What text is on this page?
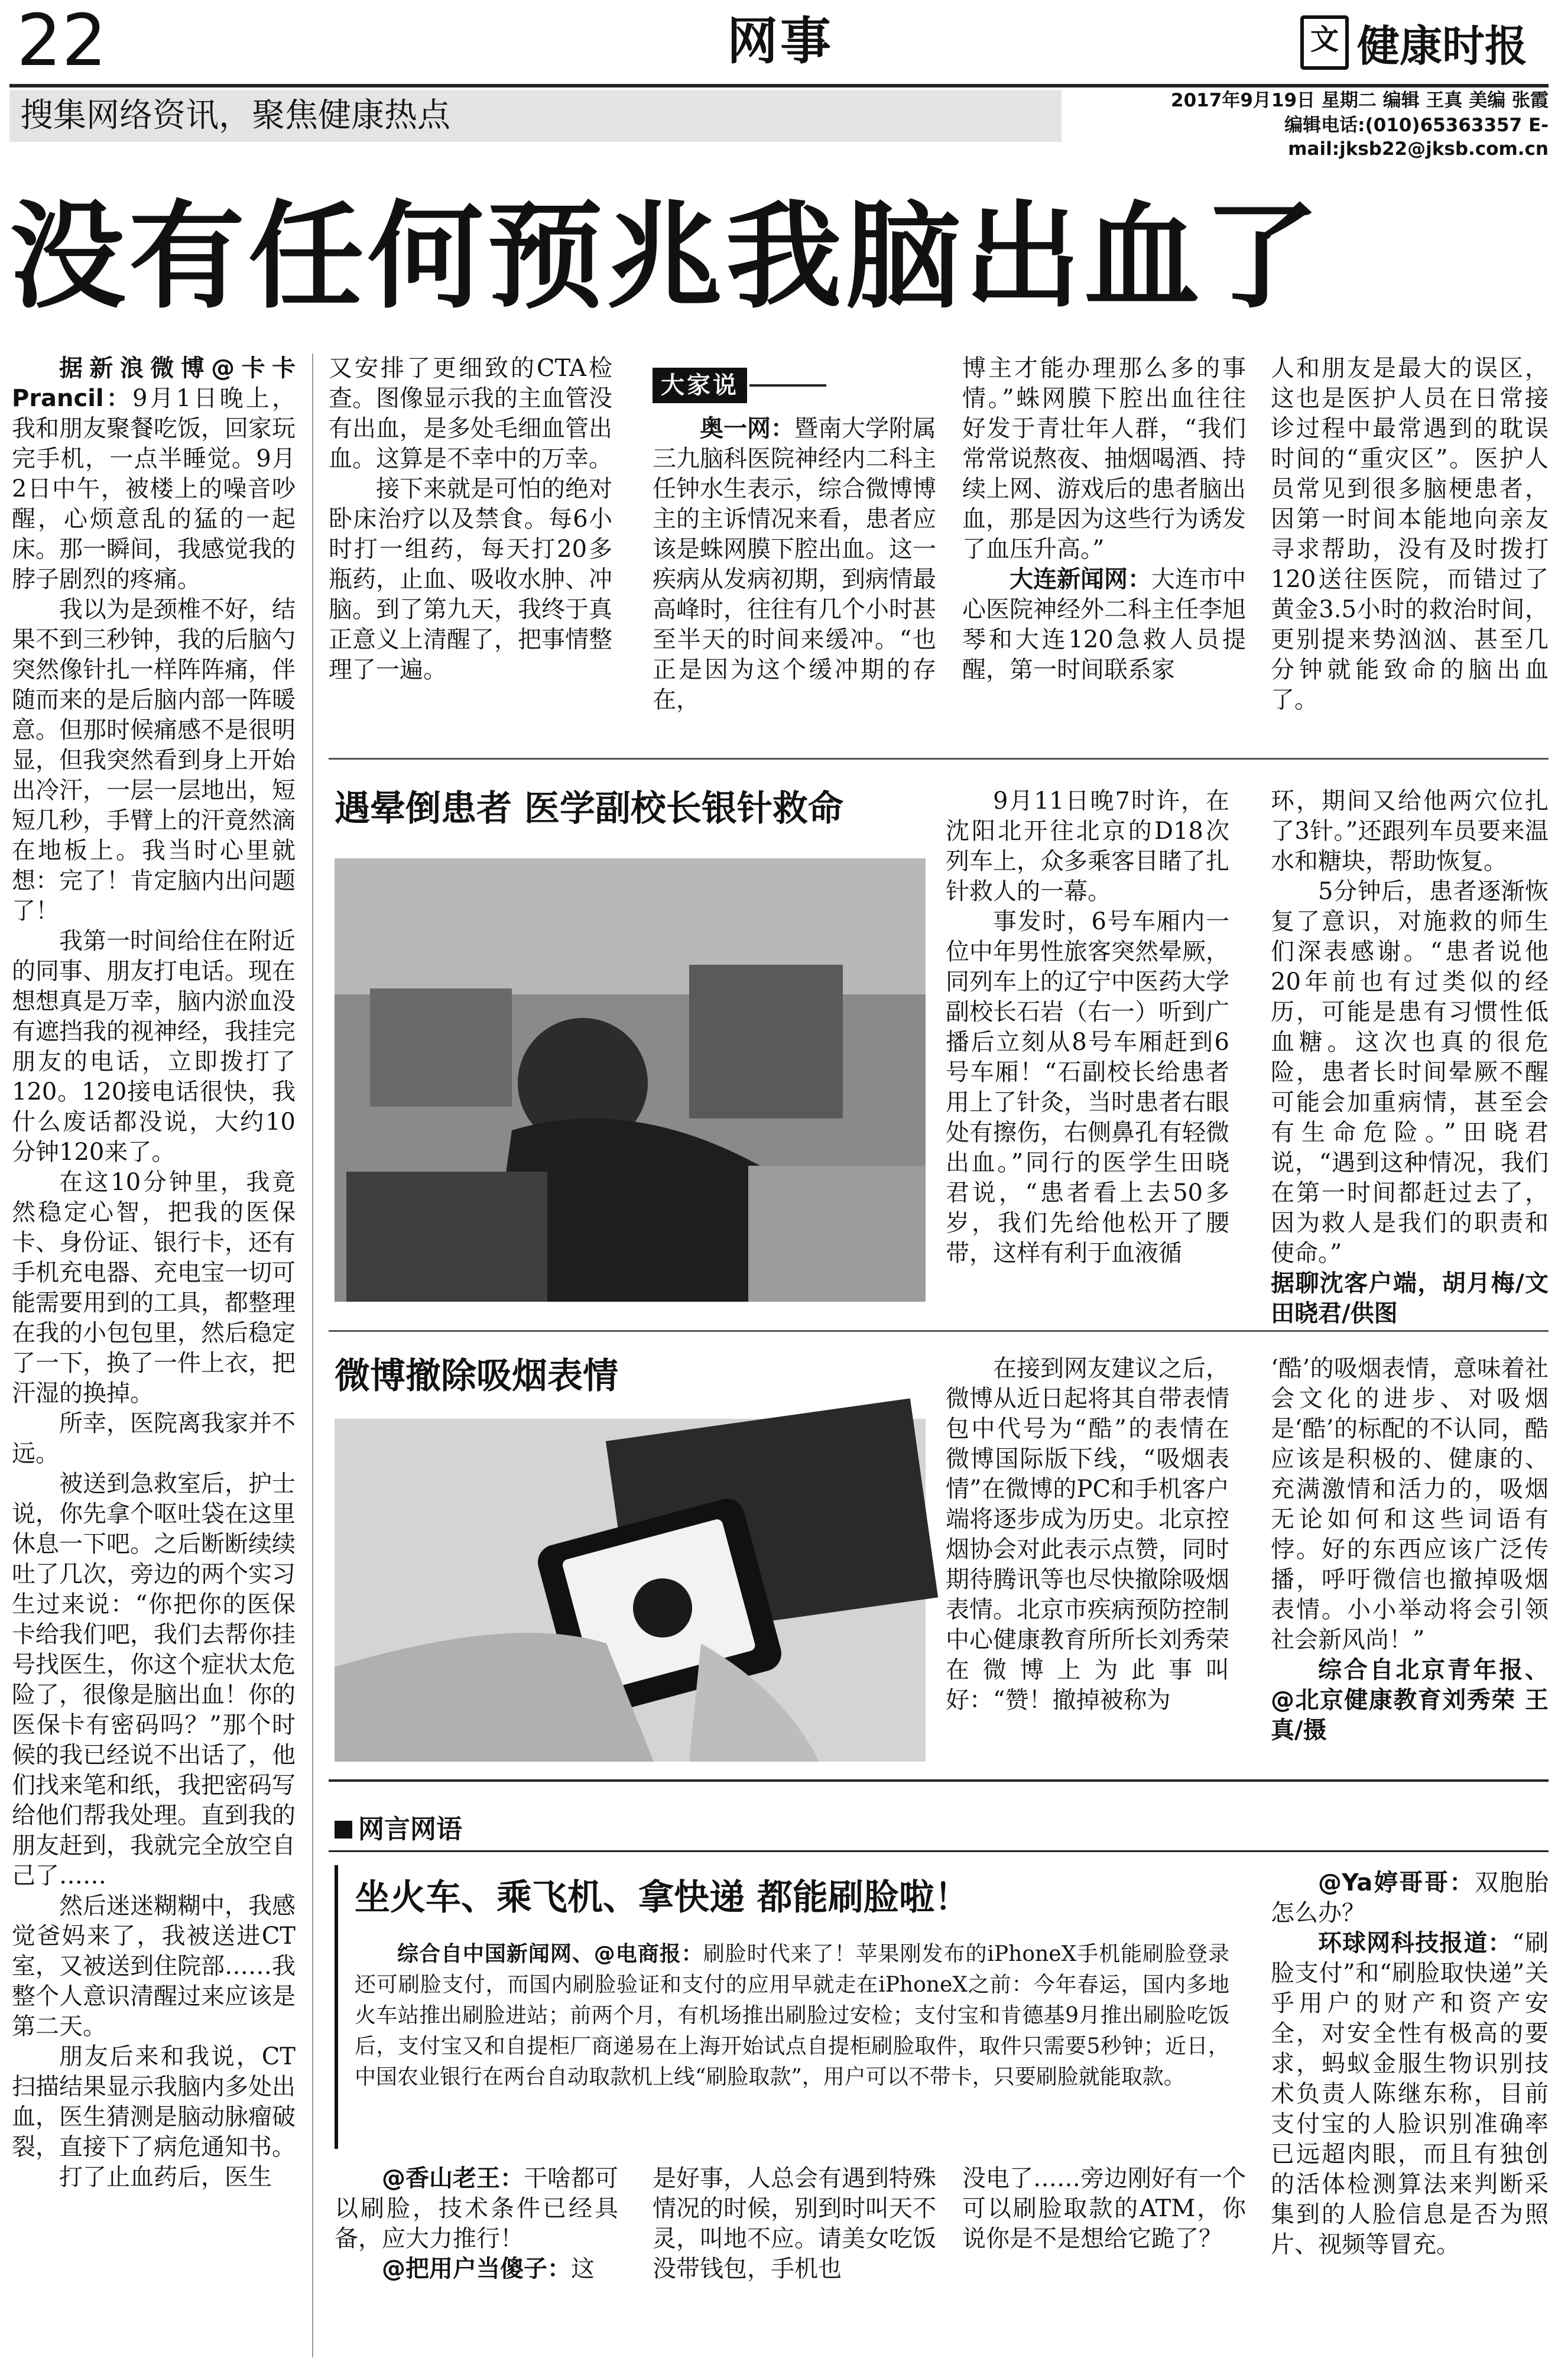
22	网事	文 健康时报
搜集网络资讯，聚焦健康热点	2017年9月19日 星期二 编辑 王真 美编 张霞
编辑电话:(010)65363357 E-mail:jksb22@jksb.com.cn
没有任何预兆我脑出血了

据新浪微博@卡卡Prancil：9月1日晚上，我和朋友聚餐吃饭，回家玩完手机，一点半睡觉。9月2日中午，被楼上的噪音吵醒，心烦意乱的猛的一起床。那一瞬间，我感觉我的脖子剧烈的疼痛。

我以为是颈椎不好，结果不到三秒钟，我的后脑勺突然像针扎一样阵阵痛，伴随而来的是后脑内部一阵暖意。但那时候痛感不是很明显，但我突然看到身上开始出冷汗，一层一层地出，短短几秒，手臂上的汗竟然滴在地板上。我当时心里就想：完了！肯定脑内出问题了！

我第一时间给住在附近的同事、朋友打电话。现在想想真是万幸，脑内淤血没有遮挡我的视神经，我挂完朋友的电话，立即拨打了120。120接电话很快，我什么废话都没说，大约10分钟120来了。

在这10分钟里，我竟然稳定心智，把我的医保卡、身份证、银行卡，还有手机充电器、充电宝一切可能需要用到的工具，都整理在我的小包包里，然后稳定了一下，换了一件上衣，把汗湿的换掉。

所幸，医院离我家并不远。

被送到急救室后，护士说，你先拿个呕吐袋在这里休息一下吧。之后断断续续吐了几次，旁边的两个实习生过来说：“你把你的医保卡给我们吧，我们去帮你挂号找医生，你这个症状太危险了，很像是脑出血！你的医保卡有密码吗？”那个时候的我已经说不出话了，他们找来笔和纸，我把密码写给他们帮我处理。直到我的朋友赶到，我就完全放空自己了……

然后迷迷糊糊中，我感觉爸妈来了，我被送进CT室，又被送到住院部……我整个人意识清醒过来应该是第二天。

朋友后来和我说，CT扫描结果显示我脑内多处出血，医生猜测是脑动脉瘤破裂，直接下了病危通知书。

打了止血药后，医生

又安排了更细致的CTA检查。图像显示我的主血管没有出血，是多处毛细血管出血。这算是不幸中的万幸。

接下来就是可怕的绝对卧床治疗以及禁食。每6小时打一组药，每天打20多瓶药，止血、吸收水肿、冲脑。到了第九天，我终于真正意义上清醒了，把事情整理了一遍。

大家说

奥一网：暨南大学附属三九脑科医院神经内二科主任钟水生表示，综合微博博主的主诉情况来看，患者应该是蛛网膜下腔出血。这一疾病从发病初期，到病情最高峰时，往往有几个小时甚至半天的时间来缓冲。“也正是因为这个缓冲期的存在，

博主才能办理那么多的事情。”蛛网膜下腔出血往往好发于青壮年人群，“我们常常说熬夜、抽烟喝酒、持续上网、游戏后的患者脑出血，那是因为这些行为诱发了血压升高。”

大连新闻网：大连市中心医院神经外二科主任李旭琴和大连120急救人员提醒，第一时间联系家

人和朋友是最大的误区，这也是医护人员在日常接诊过程中最常遇到的耽误时间的“重灾区”。医护人员常见到很多脑梗患者，因第一时间本能地向亲友寻求帮助，没有及时拨打120送往医院，而错过了黄金3.5小时的救治时间，更别提来势汹汹、甚至几分钟就能致命的脑出血了。

遇晕倒患者 医学副校长银针救命	9月11日晚7时许，在沈阳北开往北京的D18次列车上，众多乘客目睹了扎针救人的一幕。

事发时，6号车厢内一位中年男性旅客突然晕厥，同列车上的辽宁中医药大学副校长石岩（右一）听到广播后立刻从8号车厢赶到6号车厢！“石副校长给患者用上了针灸，当时患者右眼处有擦伤，右侧鼻孔有轻微出血。”同行的医学生田晓君说，“患者看上去50多岁，我们先给他松开了腰带，这样有利于血液循

环，期间又给他两穴位扎了3针。”还跟列车员要来温水和糖块，帮助恢复。

5分钟后，患者逐渐恢复了意识，对施救的师生们深表感谢。“患者说他20年前也有过类似的经历，可能是患有习惯性低血糖。这次也真的很危险，患者长时间晕厥不醒可能会加重病情，甚至会有生命危险。”田晓君说，“遇到这种情况，我们在第一时间都赶过去了，因为救人是我们的职责和使命。”

据聊沈客户端，胡月梅/文 田晓君/供图

微博撤除吸烟表情	在接到网友建议之后，微博从近日起将其自带表情包中代号为“酷”的表情在微博国际版下线，“吸烟表情”在微博的PC和手机客户端将逐步成为历史。北京控烟协会对此表示点赞，同时期待腾讯等也尽快撤除吸烟表情。北京市疾病预防控制中心健康教育所所长刘秀荣在微博上为此事叫好：“赞！撤掉被称为

‘酷’的吸烟表情，意味着社会文化的进步、对吸烟是‘酷’的标配的不认同，酷应该是积极的、健康的、充满激情和活力的，吸烟无论如何和这些词语有悖。好的东西应该广泛传播，呼吁微信也撤掉吸烟表情。小小举动将会引领社会新风尚！”

综合自北京青年报、@北京健康教育刘秀荣 王真/摄

网言网语
坐火车、乘飞机、拿快递 都能刷脸啦！

综合自中国新闻网、@电商报：刷脸时代来了！苹果刚发布的iPhoneX手机能刷脸登录还可刷脸支付，而国内刷脸验证和支付的应用早就走在iPhoneX之前：今年春运，国内多地火车站推出刷脸进站；前两个月，有机场推出刷脸过安检；支付宝和肯德基9月推出刷脸吃饭后，支付宝又和自提柜厂商递易在上海开始试点自提柜刷脸取件，取件只需要5秒钟；近日，中国农业银行在两台自动取款机上线“刷脸取款”，用户可以不带卡，只要刷脸就能取款。

@香山老王：干啥都可以刷脸，技术条件已经具备，应大力推行！

@把用户当傻子：这

是好事，人总会有遇到特殊情况的时候，别到时叫天不灵，叫地不应。请美女吃饭没带钱包，手机也

没电了……旁边刚好有一个可以刷脸取款的ATM，你说你是不是想给它跪了？

@Ya婷哥哥：双胞胎怎么办？

环球网科技报道：“刷脸支付”和“刷脸取快递”关乎用户的财产和资产安全，对安全性有极高的要求，蚂蚁金服生物识别技术负责人陈继东称，目前支付宝的人脸识别准确率已远超肉眼，而且有独创的活体检测算法来判断采集到的人脸信息是否为照片、视频等冒充。
